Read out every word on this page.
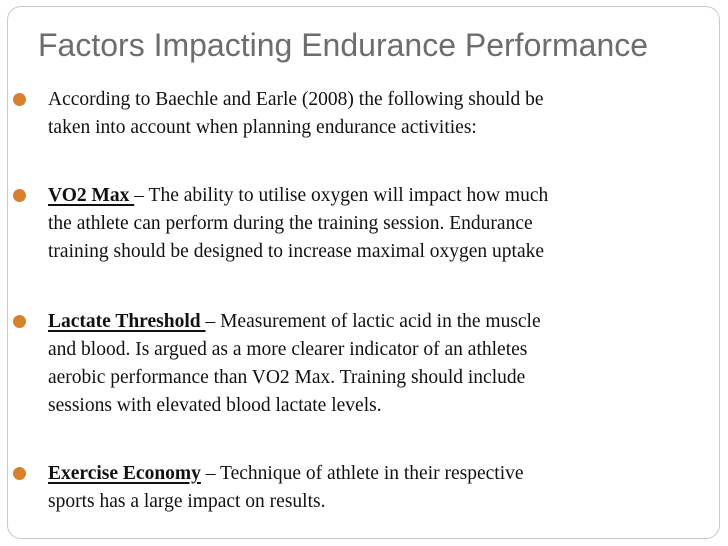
Factors Impacting Endurance Performance
According to Baechle and Earle (2008) the following should be
taken into account when planning endurance activities:
VO2 Max – The ability to utilise oxygen will impact how much
the athlete can perform during the training session. Endurance
training should be designed to increase maximal oxygen uptake
Lactate Threshold – Measurement of lactic acid in the muscle
and blood. Is argued as a more clearer indicator of an athletes
aerobic performance than VO2 Max. Training should include
sessions with elevated blood lactate levels.
Exercise Economy – Technique of athlete in their respective
sports has a large impact on results.
